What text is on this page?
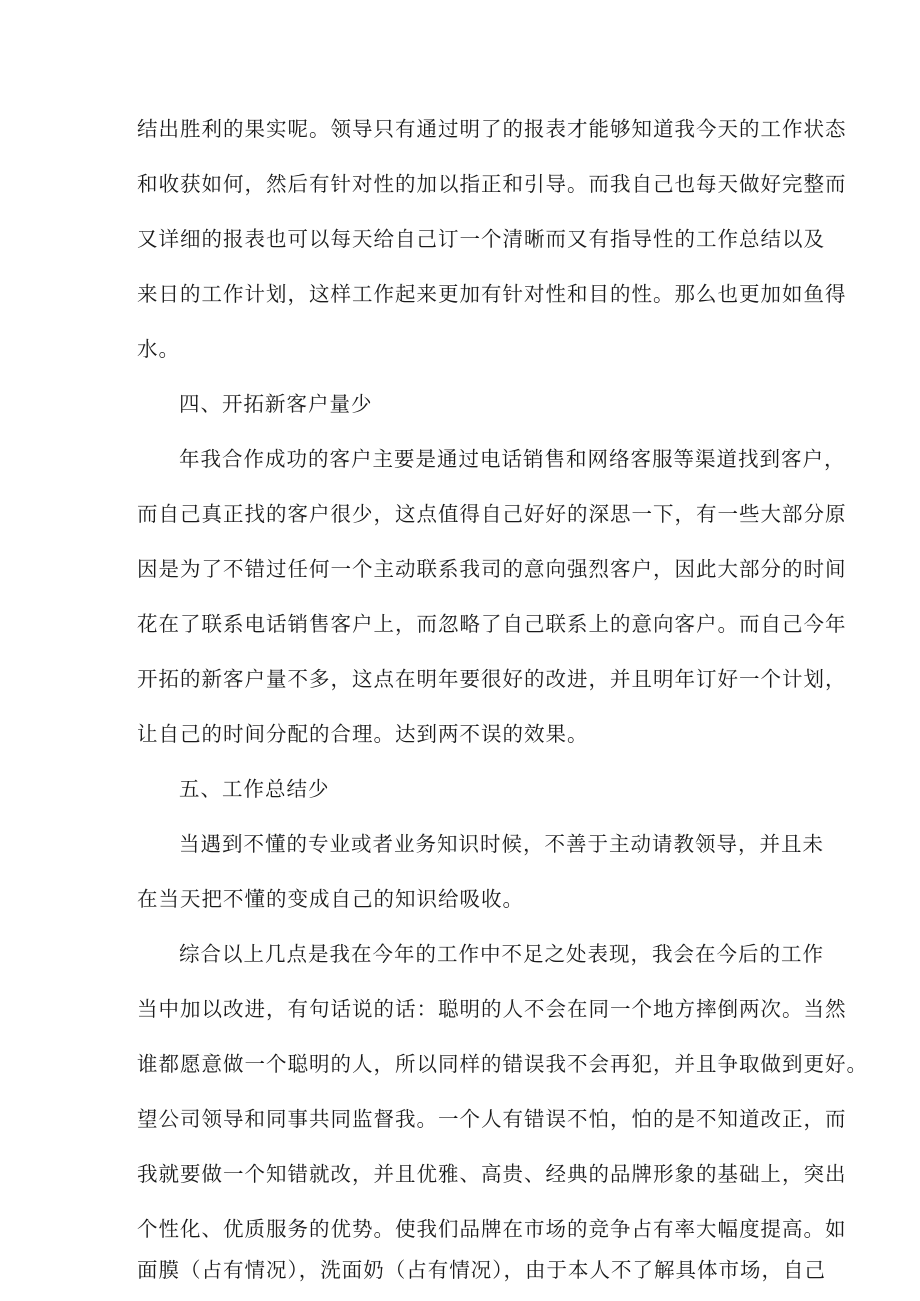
结出胜利的果实呢。领导只有通过明了的报表才能够知道我今天的工作状态
和收获如何，然后有针对性的加以指正和引导。而我自己也每天做好完整而
又详细的报表也可以每天给自己订一个清晰而又有指导性的工作总结以及
来日的工作计划，这样工作起来更加有针对性和目的性。那么也更加如鱼得
水。
四、开拓新客户量少
年我合作成功的客户主要是通过电话销售和网络客服等渠道找到客户，
而自己真正找的客户很少，这点值得自己好好的深思一下，有一些大部分原
因是为了不错过任何一个主动联系我司的意向强烈客户，因此大部分的时间
花在了联系电话销售客户上，而忽略了自己联系上的意向客户。而自己今年
开拓的新客户量不多，这点在明年要很好的改进，并且明年订好一个计划，
让自己的时间分配的合理。达到两不误的效果。
五、工作总结少
当遇到不懂的专业或者业务知识时候，不善于主动请教领导，并且未
在当天把不懂的变成自己的知识给吸收。
综合以上几点是我在今年的工作中不足之处表现，我会在今后的工作
当中加以改进，有句话说的话：聪明的人不会在同一个地方摔倒两次。当然
谁都愿意做一个聪明的人，所以同样的错误我不会再犯，并且争取做到更好。
望公司领导和同事共同监督我。一个人有错误不怕，怕的是不知道改正，而
我就要做一个知错就改，并且优雅、高贵、经典的品牌形象的基础上，突出
个性化、优质服务的优势。使我们品牌在市场的竞争占有率大幅度提高。如
面膜（占有情况），洗面奶（占有情况），由于本人不了解具体市场，自己
